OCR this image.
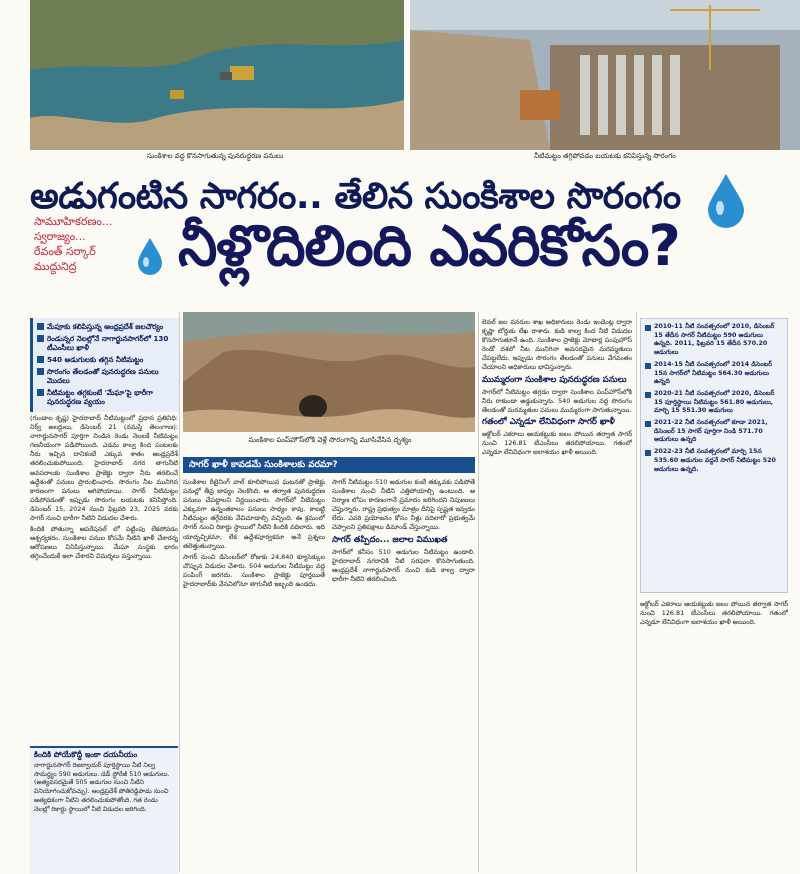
సుంకిశాల వద్ద కొనసాగుతున్న పునరుద్ధరణ పనులు	నీటిమట్టం తగ్గిపోవడం బయటకు కనిపిస్తున్న సొరంగం
అడుగంటిన సాగరం.. తేలిన సుంకిశాల సొరంగం
నీళ్లొదిలింది ఎవరికోసం?
సామూహికరణం...
స్వరాజ్యం...
రేవంత్ సర్కార్
ముద్దునిద్ర
మేపూకు కలిపిస్తున్న ఆంధ్రప్రదేశ్ జలచౌర్యం
రెండున్నర నెలల్లోనే నాగార్జునసాగర్‌లో 130 టీఎంసీలు ఖాళీ
540 అడుగులకు తగ్గిన నీటిమట్టం
సొరంగం తేలడంతో పునరుద్ధరణ పనులు మొదలు
నీటిమట్టం తగ్గకుంటే 'మేఘా'పై భారీగా పునరుద్ధరణ వ్యయం
సుంకిశాల పంప్‌హౌస్‌లోకి వెళ్లే సొరంగాన్ని మూసివేసిన దృశ్యం
సాగర్ ఖాళీ కావడమే సుంకిశాలకు వరమా?

(గుండాల కృష్ణ) హైదరాబాద్ నీటిమట్టంలో ప్రధాన ప్రతినిధి: నిర్వ్ అలర్టులు, డిసెంబర్ 21 (నమస్తే తెలంగాణ): నాగార్జునసాగర్ పూర్తిగా నిండిన రెండు నెలలకే నీటిమట్టం గణనీయంగా పడిపోయింది. ఎడమ కాల్వ కింద పంటలకు నీరు ఇచ్చిన దానికంటే ఎక్కువ శాతం ఆంధ్రప్రదేశ్ తరలించుకుపోయింది. హైదరాబాద్ నగర తాగునీటి అవసరాలకు సుంకిశాల ప్రాజెక్టు ద్వారా నీరు తరలించే ఉద్దేశంతో పనులు ప్రారంభించారు. సొరంగం నీట మునిగిన కారణంగా పనులు ఆగిపోయాయి. సాగర్ నీటిమట్టం పడిపోవడంతో ఇప్పుడు సొరంగం బయటకు కనిపిస్తోంది. డిసెంబర్ 15, 2024 నుంచి ఫిబ్రవరి 23, 2025 వరకు సాగర్ నుంచి భారీగా నీటిని విడుదల చేశారు.

కిందికి పోతున్నా ఆపరేషనల్ లో పట్టింపు లేకపోవడం ఆశ్చర్యకరం. సుంకిశాల పనుల కోసమే నీటిని ఖాళీ చేశారన్న ఆరోపణలు వినిపిస్తున్నాయి. మేఘా సంస్థకు భారం తగ్గించేందుకే ఇలా చేశారని విమర్శలు వస్తున్నాయి.

సుంకిశాల రీటైనింగ్ వాల్ కూలిపోయిన ఘటనతో ప్రాజెక్టు పనుల్లో తీవ్ర జాప్యం నెలకొంది. ఆ తర్వాత పునరుద్ధరణ పనులు చేపట్టాలని నిర్ణయించారు. సాగర్‌లో నీటిమట్టం ఎక్కువగా ఉన్నంతకాలం పనులు సాధ్యం కావు. కాబట్టి నీటిమట్టం తగ్గేవరకు వేచిచూడాల్సి వచ్చింది. ఈ క్రమంలో సాగర్ నుంచి రికార్డు స్థాయిలో నీటిని కిందికి వదిలారు. ఇది యాదృచ్ఛికమా, లేక ఉద్దేశపూర్వకమా అనే ప్రశ్నలు తలెత్తుతున్నాయి.

సాగర్ నుంచి డిసెంబర్‌లో రోజుకు 24,840 క్యూసెక్కుల చొప్పున విడుదల చేశారు. 504 అడుగుల నీటిమట్టం వద్ద పంపింగ్ జరగదు. సుంకిశాల ప్రాజెక్టు పూర్తయితే హైదరాబాద్‌కు వేసవిలోనూ తాగునీటి ఇబ్బంది ఉండదు.

సాగర్ నీటిమట్టం 510 అడుగుల కంటే తక్కువకు పడిపోతే సుంకిశాల నుంచి నీటిని ఎత్తిపోయాల్సి ఉంటుంది. ఆ నిర్మాణ లోపం కారణంగానే ప్రమాదం జరిగిందని నిపుణులు చెప్తున్నారు. రాష్ట్ర ప్రభుత్వం మాత్రం దీనిపై స్పష్టత ఇవ్వడం లేదు. ఎవరి ప్రయోజనం కోసం నీళ్లు వదిలారో ప్రభుత్వమే చెప్పాలని ప్రతిపక్షాలు డిమాండ్ చేస్తున్నాయి.

సాగర్ తప్పిదం... జలాల విముఖత

సాగర్‌లో కనీసం 510 అడుగుల నీటిమట్టం ఉండాలి. హైదరాబాద్ నగరానికి నీటి సరఫరా కొనసాగుతుంది. ఆంధ్రప్రదేశ్ నాగార్జునసాగర్ నుంచి కుడి కాల్వ ద్వారా భారీగా నీటిని తరలించింది.

లెవల్ జల వనరుల శాఖ అధికారులు రెండు ఇండెంట్ల ద్వారా కృష్ణా బోర్డుకు లేఖ రాశారు. కుడి కాల్వ కింద నీటి విడుదల కొనసాగుతూనే ఉంది. సుంకిశాల ప్రాజెక్టు మోటార్ల పంపుహౌస్ రెండో దశలో నీట మునిగినా అవసరమైన మరమ్మతులు చేపట్టలేదు. ఇప్పుడు సొరంగం తేలడంతో పనులు వేగవంతం చేయాలని అధికారులు భావిస్తున్నారు.

ముమ్మరంగా సుంకిశాల పునరుద్ధరణ పనులు

సాగర్‌లో నీటిమట్టం తగ్గడం ద్వారా సుంకిశాల పంప్‌హౌస్‌లోకి నీరు రాకుండా అడ్డుకున్నారు. 540 అడుగుల వద్ద సొరంగం తేలడంతో మరమ్మతుల పనులు ముమ్మరంగా సాగుతున్నాయి.

గతంలో ఎన్నడూ లేనివిధంగా సాగర్ ఖాళీ

అక్టోబర్ ఎకరాలు ఆయకట్టుకు జలం పోయిన తర్వాత సాగర్ నుంచి 126.81 టీఎంసీలు తరలిపోయాయి. గతంలో ఎన్నడూ లేనివిధంగా జలాశయం ఖాళీ అయింది.

2010-11 నీటి సంవత్సరంలో 2010, డిసెంబర్ 15 తేదీన సాగర్ నీటిమట్టం 590 అడుగులు ఉన్నది. 2011, ఫిబ్రవరి 15 తేదీన 570.20 అడుగులు
2014-15 నీటి సంవత్సరంలో 2014 డిసెంబర్ 15న సాగర్‌లో నీటిమట్టం 564.30 అడుగులు ఉన్నది
2020-21 నీటి సంవత్సరంలో 2020, డిసెంబర్ 15 పూర్తిస్థాయి నీటిమట్టం 561.80 అడుగులు, మార్చి 15 551.30 అడుగులు
2021-22 నీటి సంవత్సరంలో కూడా 2021, డిసెంబర్ 15 సాగర్ పూర్తిగా నిండి 571.70 అడుగులు ఉన్నది
2022-23 నీటి సంవత్సరంలో మార్చి 15న 535.60 అడుగుల వద్దనే సాగర్ నీటిమట్టం 520 అడుగులు ఉన్నది.

అక్టోబర్ ఎకరాలు ఆయకట్టుకు జలం పోయిన తర్వాత సాగర్ నుంచి 126.81 టీఎంసీలు తరలిపోయాయి. గతంలో ఎన్నడూ లేనివిధంగా జలాశయం ఖాళీ అయింది.

కిందికి పోయేకొద్దీ ఇంకా దయనీయం
నాగార్జునసాగర్ రిజర్వాయర్ పూర్తిస్థాయి నీటి నిల్వ సామర్థ్యం 590 అడుగులు. డెడ్ స్టోరేజీ 510 అడుగులు. (అత్యవసరమైతే 505 అడుగుల నుంచి నీటిని వినియోగించుకోవచ్చు). ఆంధ్రప్రదేశ్ పోతిరెడ్డిపాడు నుంచి అత్యధికంగా నీటిని తరలించుకుపోతోంది. గత రెండు నెలల్లో రికార్డు స్థాయిలో నీటి విడుదల జరిగింది.
